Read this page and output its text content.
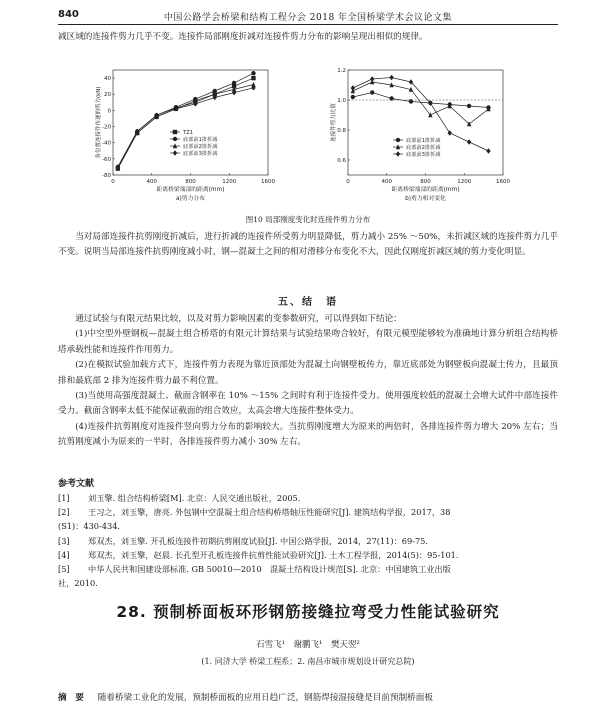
840	中国公路学会桥梁和结构工程分会 2018 年全国桥梁学术会议论文集
减区域的连接件剪力几乎不变。连接件局部刚度折减对连接件剪力分布的影响呈现出相似的规律。
0	400	800	1200	1600
40
20
0
-20
-40
-60
-80
距离桥梁端部的距离(mm)
各位置连接件传递的剪力(kN)
a)剪力分布
TZ1
底部前1排折减
底部前2排折减
底部前3排折减
0	400	800	1200	1600
1.2
1.0
0.8
0.6
距离桥梁端部的距离(mm)
连接件剪力比值
b)剪力相对变化
底部前1排折减
底部前2排折减
底部前3排折减
图10 局部刚度变化时连接件剪力分布
当对局部连接件抗剪刚度折减后，进行折减的连接件所受剪力明显降低，剪力减小 25% ～50%，未折减区域的连接件剪力几乎不变。说明当局部连接件抗剪刚度减小时，钢—混凝土之间的相对滑移分布变化不大，因此仅刚度折减区域的剪力变化明显。
五、结　语
通过试验与有限元结果比较，以及对剪力影响因素的变参数研究，可以得到如下结论：
(1)中空型外壁钢板—混凝土组合桥塔的有限元计算结果与试验结果吻合较好，有限元模型能够较为准确地计算分析组合结构桥塔承载性能和连接件作用剪力。
(2)在模拟试验加载方式下，连接件剪力表现为靠近顶部处为混凝土向钢壁板传力，靠近底部处为钢壁板向混凝土传力，且最顶排和最底部 2 排为连接件剪力最不利位置。
(3)当使用高强度混凝土、截面含钢率在 10% ～15% 之间时有利于连接件受力。使用强度较低的混凝土会增大试件中部连接件受力。截面含钢率太低不能保证截面的组合效应，太高会增大连接件整体受力。
(4)连接件抗剪刚度对连接件竖向剪力分布的影响较大。当抗剪刚度增大为原来的两倍时，各排连接件剪力增大 20% 左右；当抗剪刚度减小为原来的一半时，各排连接件剪力减小 30% 左右。
参考文献
[1]	刘玉擎. 组合结构桥梁[M]. 北京：人民交通出版社，2005.
[2]	王习之，刘玉擎，唐亮. 外包钢中空混凝土组合结构桥塔轴压性能研究[J]. 建筑结构学报，2017，38
(S1)：430-434.
[3]	郑双杰，刘玉擎. 开孔板连接件初期抗剪刚度试验[J]. 中国公路学报，2014，27(11)：69-75.
[4]	郑双杰，刘玉擎，赵晨. 长孔型开孔板连接件抗剪性能试验研究[J]. 土木工程学报，2014(5)：95-101.
[5]	中华人民共和国建设部标准. GB 50010—2010　混凝土结构设计规范[S]. 北京：中国建筑工业出版
社，2010.
28. 预制桥面板环形钢筋接缝拉弯受力性能试验研究
石雪飞¹　谢鹏飞¹　樊天翌²
(1. 同济大学 桥梁工程系；2. 南昌市城市规划设计研究总院)
摘　要 随着桥梁工业化的发展，预制桥面板的应用日趋广泛，钢筋焊接湿接缝是目前预制桥面板
